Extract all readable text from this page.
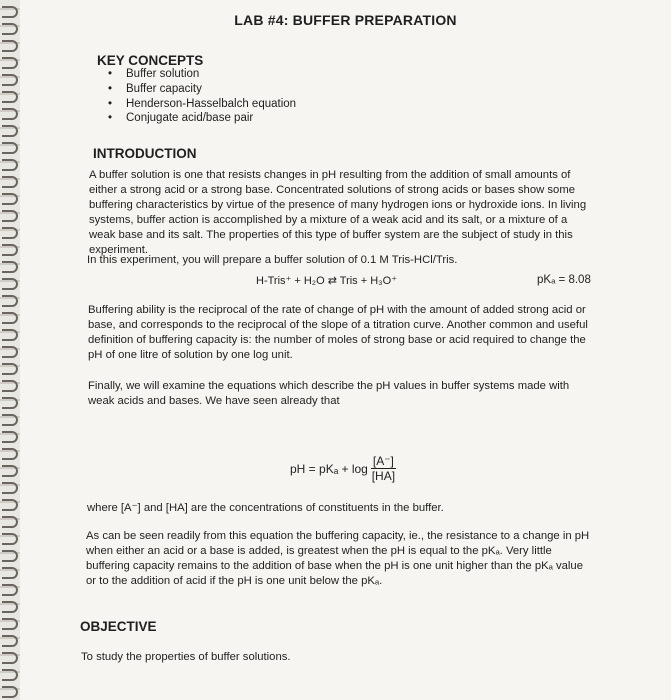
LAB #4: BUFFER PREPARATION
KEY CONCEPTS
• Buffer solution
• Buffer capacity
• Henderson-Hasselbalch equation
• Conjugate acid/base pair
INTRODUCTION

A buffer solution is one that resists changes in pH resulting from the addition of small amounts of either a strong acid or a strong base. Concentrated solutions of strong acids or bases show some buffering characteristics by virtue of the presence of many hydrogen ions or hydroxide ions. In living systems, buffer action is accomplished by a mixture of a weak acid and its salt, or a mixture of a weak base and its salt. The properties of this type of buffer system are the subject of study in this experiment.

In this experiment, you will prepare a buffer solution of 0.1 M Tris-HCl/Tris.

H-Tris⁺ + H₂O ⇄ Tris + H₃O⁺	pKₐ = 8.08

Buffering ability is the reciprocal of the rate of change of pH with the amount of added strong acid or base, and corresponds to the reciprocal of the slope of a titration curve. Another common and useful definition of buffering capacity is: the number of moles of strong base or acid required to change the pH of one litre of solution by one log unit.

Finally, we will examine the equations which describe the pH values in buffer systems made with weak acids and bases. We have seen already that

pH = $pK_a + \log \frac{[A^-]}{[HA]}$

where [A⁻] and [HA] are the concentrations of constituents in the buffer.

As can be seen readily from this equation the buffering capacity, ie., the resistance to a change in pH when either an acid or a base is added, is greatest when the pH is equal to the pKₐ. Very little buffering capacity remains to the addition of base when the pH is one unit higher than the pKₐ value or to the addition of acid if the pH is one unit below the pKₐ.

OBJECTIVE

To study the properties of buffer solutions.
